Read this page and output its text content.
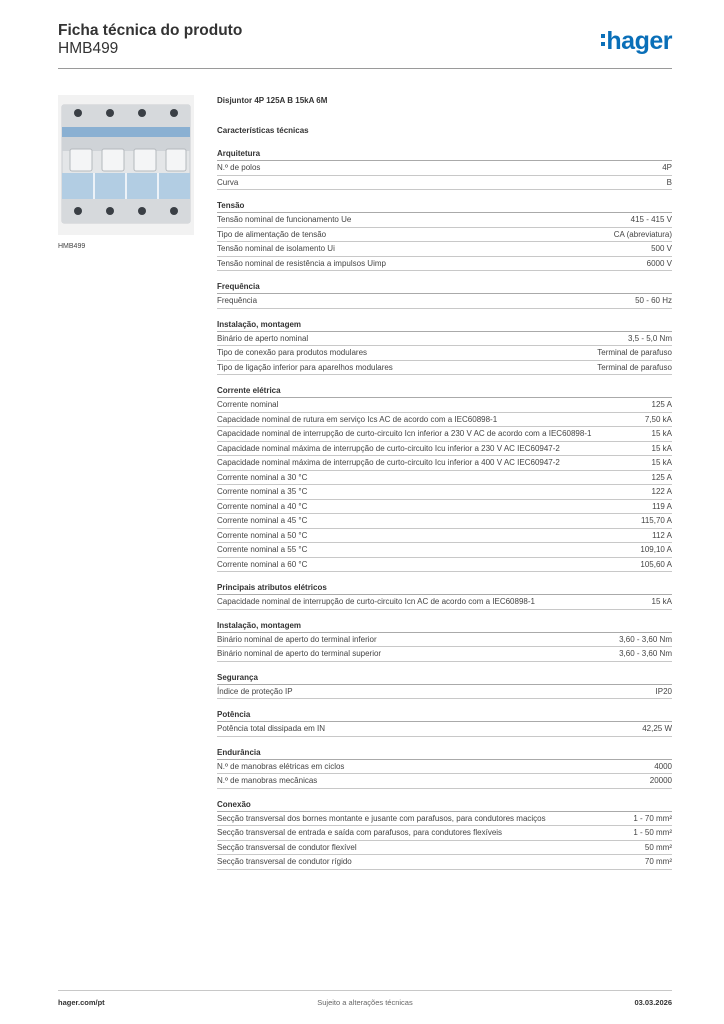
Ficha técnica do produto
HMB499	hager
HMB499
Disjuntor 4P 125A B 15kA 6M
Características técnicas
Arquitetura
N.º de polos	4P
Curva	B
Tensão
Tensão nominal de funcionamento Ue	415 - 415 V
Tipo de alimentação de tensão	CA (abreviatura)
Tensão nominal de isolamento Ui	500 V
Tensão nominal de resistência a impulsos Uimp	6000 V
Frequência
Frequência	50 - 60 Hz
Instalação, montagem
Binário de aperto nominal	3,5 - 5,0 Nm
Tipo de conexão para produtos modulares	Terminal de parafuso
Tipo de ligação inferior para aparelhos modulares	Terminal de parafuso
Corrente elétrica
Corrente nominal	125 A
Capacidade nominal de rutura em serviço Ics AC de acordo com a IEC60898-1	7,50 kA
Capacidade nominal de interrupção de curto-circuito Icn inferior a 230 V AC de acordo com a IEC60898-1	15 kA
Capacidade nominal máxima de interrupção de curto-circuito Icu inferior a 230 V AC IEC60947-2	15 kA
Capacidade nominal máxima de interrupção de curto-circuito Icu inferior a 400 V AC IEC60947-2	15 kA
Corrente nominal a 30 °C	125 A
Corrente nominal a 35 °C	122 A
Corrente nominal a 40 °C	119 A
Corrente nominal a 45 °C	115,70 A
Corrente nominal a 50 °C	112 A
Corrente nominal a 55 °C	109,10 A
Corrente nominal a 60 °C	105,60 A
Principais atributos elétricos
Capacidade nominal de interrupção de curto-circuito Icn AC de acordo com a IEC60898-1	15 kA
Instalação, montagem
Binário nominal de aperto do terminal inferior	3,60 - 3,60 Nm
Binário nominal de aperto do terminal superior	3,60 - 3,60 Nm
Segurança
Índice de proteção IP	IP20
Potência
Potência total dissipada em IN	42,25 W
Endurância
N.º de manobras elétricas em ciclos	4000
N.º de manobras mecânicas	20000
Conexão
Secção transversal dos bornes montante e jusante com parafusos, para condutores maciços	1 - 70 mm²
Secção transversal de entrada e saída com parafusos, para condutores flexíveis	1 - 50 mm²
Secção transversal de condutor flexível	50 mm²
Secção transversal de condutor rígido	70 mm²
hager.com/pt	Sujeito a alterações técnicas	03.03.2026
